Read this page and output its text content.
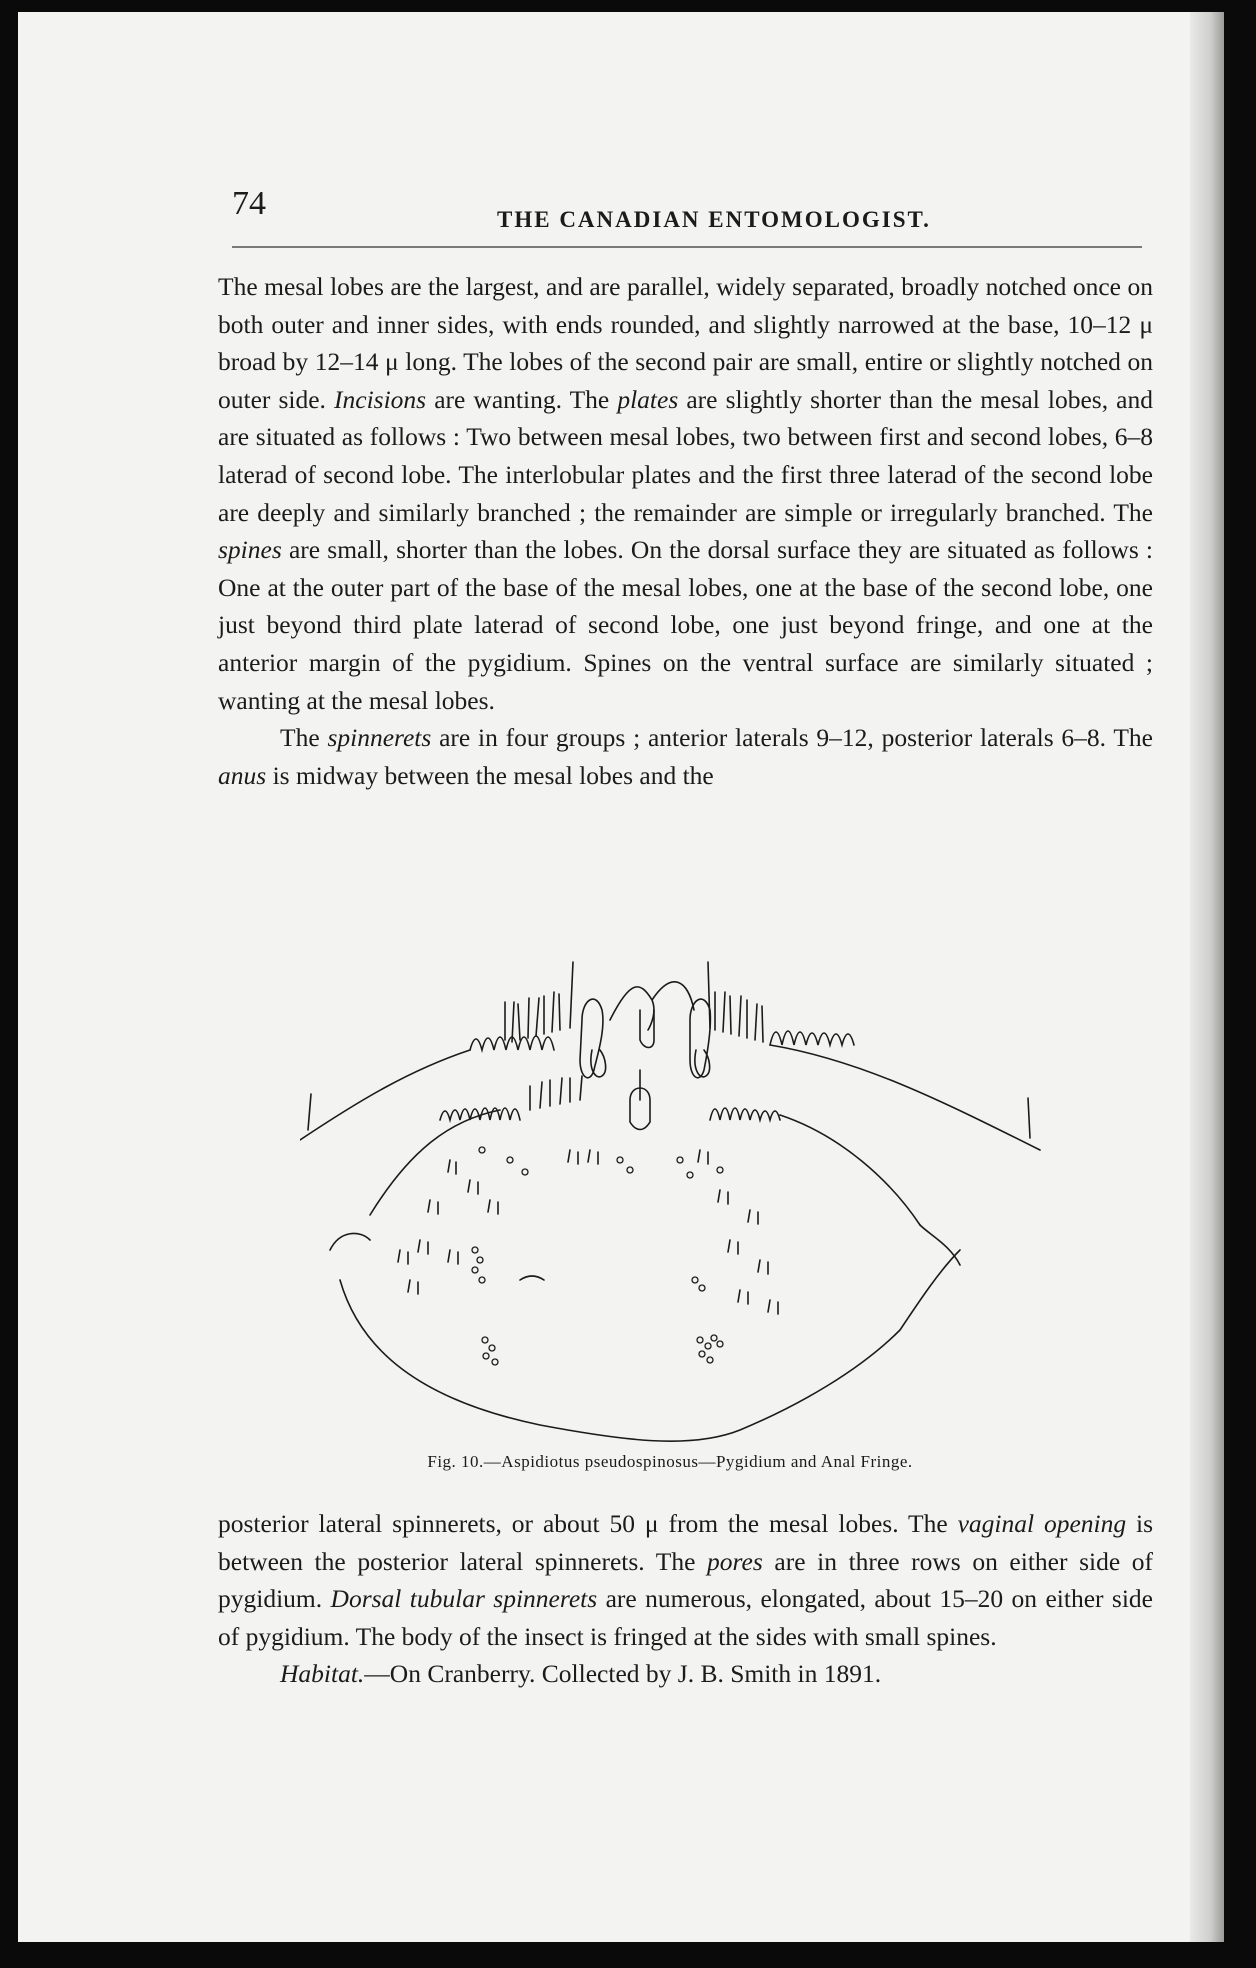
74	THE CANADIAN ENTOMOLOGIST.

The mesal lobes are the largest, and are parallel, widely separated, broadly notched once on both outer and inner sides, with ends rounded, and slightly narrowed at the base, 10–12 μ broad by 12–14 μ long. The lobes of the second pair are small, entire or slightly notched on outer side. Incisions are wanting. The plates are slightly shorter than the mesal lobes, and are situated as follows : Two between mesal lobes, two between first and second lobes, 6–8 laterad of second lobe. The interlobular plates and the first three laterad of the second lobe are deeply and similarly branched ; the remainder are simple or irregularly branched. The spines are small, shorter than the lobes. On the dorsal surface they are situated as follows : One at the outer part of the base of the mesal lobes, one at the base of the second lobe, one just beyond third plate laterad of second lobe, one just beyond fringe, and one at the anterior margin of the pygidium. Spines on the ventral surface are similarly situated ; wanting at the mesal lobes.

The spinnerets are in four groups ; anterior laterals 9–12, posterior laterals 6–8. The anus is midway between the mesal lobes and the

Fig. 10.—Aspidiotus pseudospinosus—Pygidium and Anal Fringe.

posterior lateral spinnerets, or about 50 μ from the mesal lobes. The vaginal opening is between the posterior lateral spinnerets. The pores are in three rows on either side of pygidium. Dorsal tubular spinnerets are numerous, elongated, about 15–20 on either side of pygidium. The body of the insect is fringed at the sides with small spines.

Habitat.—On Cranberry. Collected by J. B. Smith in 1891.
